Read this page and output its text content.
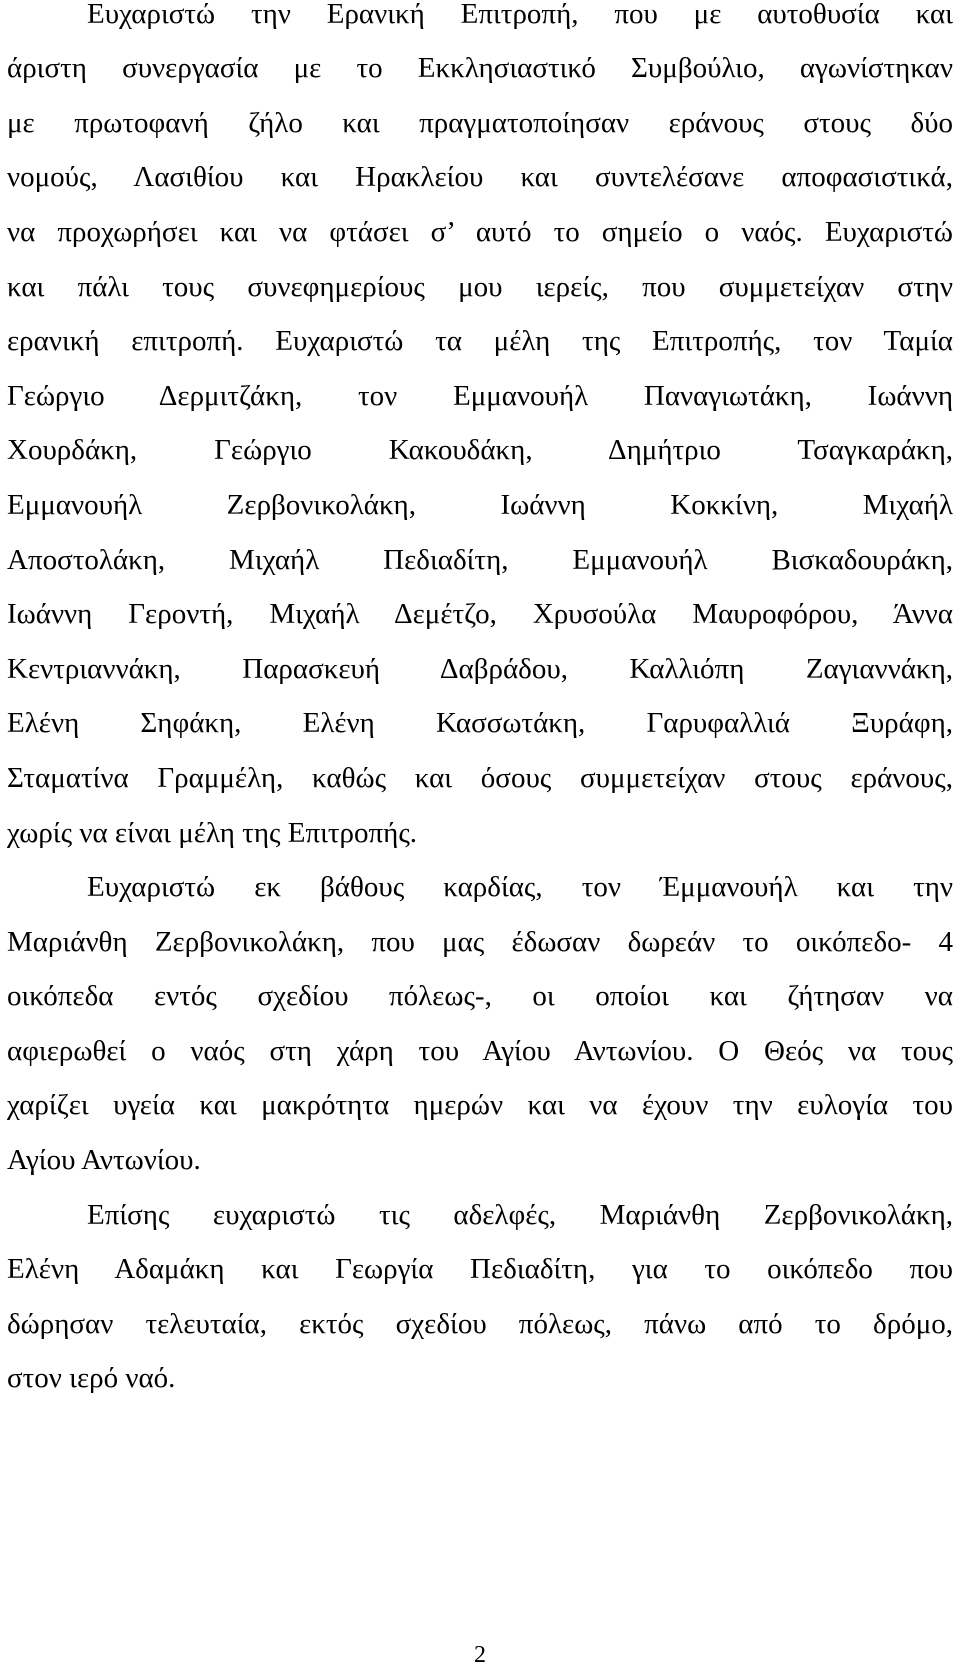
Ευχαριστώ την Ερανική Επιτροπή, που με αυτοθυσία και
άριστη συνεργασία με το Εκκλησιαστικό Συμβούλιο, αγωνίστηκαν
με πρωτοφανή ζήλο και πραγματοποίησαν εράνους στους δύο
νομούς, Λασιθίου και Ηρακλείου και συντελέσανε αποφασιστικά,
να προχωρήσει και να φτάσει σ’ αυτό το σημείο ο ναός. Ευχαριστώ
και πάλι τους συνεφημερίους μου ιερείς, που συμμετείχαν στην
ερανική επιτροπή. Ευχαριστώ τα μέλη της Επιτροπής, τον Ταμία
Γεώργιο Δερμιτζάκη, τον Εμμανουήλ Παναγιωτάκη, Ιωάννη
Χουρδάκη, Γεώργιο Κακουδάκη, Δημήτριο Τσαγκαράκη,
Εμμανουήλ Ζερβονικολάκη, Ιωάννη Κοκκίνη, Μιχαήλ
Αποστολάκη, Μιχαήλ Πεδιαδίτη, Εμμανουήλ Βισκαδουράκη,
Ιωάννη Γεροντή, Μιχαήλ Δεμέτζο, Χρυσούλα Μαυροφόρου, Άννα
Κεντριαννάκη, Παρασκευή Δαβράδου, Καλλιόπη Ζαγιαννάκη,
Ελένη Σηφάκη, Ελένη Κασσωτάκη, Γαρυφαλλιά Ξυράφη,
Σταματίνα Γραμμέλη, καθώς και όσους συμμετείχαν στους εράνους,
χωρίς να είναι μέλη της Επιτροπής.
Ευχαριστώ εκ βάθους καρδίας, τον Έμμανουήλ και την
Μαριάνθη Ζερβονικολάκη, που μας έδωσαν δωρεάν το οικόπεδο- 4
οικόπεδα εντός σχεδίου πόλεως-, οι οποίοι και ζήτησαν να
αφιερωθεί ο ναός στη χάρη του Αγίου Αντωνίου. Ο Θεός να τους
χαρίζει υγεία και μακρότητα ημερών και να έχουν την ευλογία του
Αγίου Αντωνίου.
Επίσης ευχαριστώ τις αδελφές, Μαριάνθη Ζερβονικολάκη,
Ελένη Αδαμάκη και Γεωργία Πεδιαδίτη, για το οικόπεδο που
δώρησαν τελευταία, εκτός σχεδίου πόλεως, πάνω από το δρόμο,
στον ιερό ναό.
2
